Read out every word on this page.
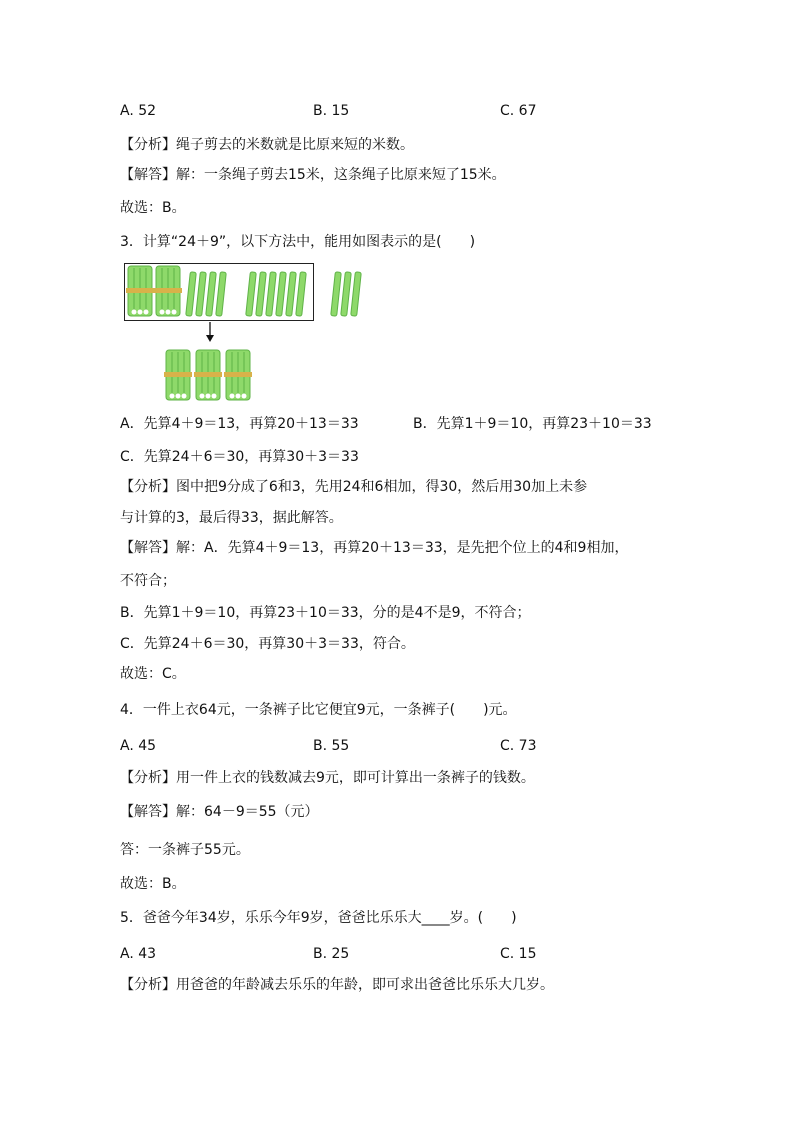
A. 52	B. 15	C. 67
【分析】绳子剪去的米数就是比原来短的米数。
【解答】解：一条绳子剪去15米，这条绳子比原来短了15米。
故选：B。
3．计算“24＋9”，以下方法中，能用如图表示的是(　　)
A．先算4＋9＝13，再算20＋13＝33	B．先算1＋9＝10，再算23＋10＝33
C．先算24＋6＝30，再算30＋3＝33
【分析】图中把9分成了6和3，先用24和6相加，得30，然后用30加上未参
与计算的3，最后得33，据此解答。
【解答】解：A．先算4＋9＝13，再算20＋13＝33，是先把个位上的4和9相加，
不符合；
B．先算1＋9＝10，再算23＋10＝33，分的是4不是9，不符合；
C．先算24＋6＝30，再算30＋3＝33，符合。
故选：C。
4．一件上衣64元，一条裤子比它便宜9元，一条裤子(　　)元。
A. 45	B. 55	C. 73
【分析】用一件上衣的钱数减去9元，即可计算出一条裤子的钱数。
【解答】解：64－9＝55（元）
答：一条裤子55元。
故选：B。
5．爸爸今年34岁，乐乐今年9岁，爸爸比乐乐大____岁。(　　)
A. 43	B. 25	C. 15
【分析】用爸爸的年龄减去乐乐的年龄，即可求出爸爸比乐乐大几岁。
